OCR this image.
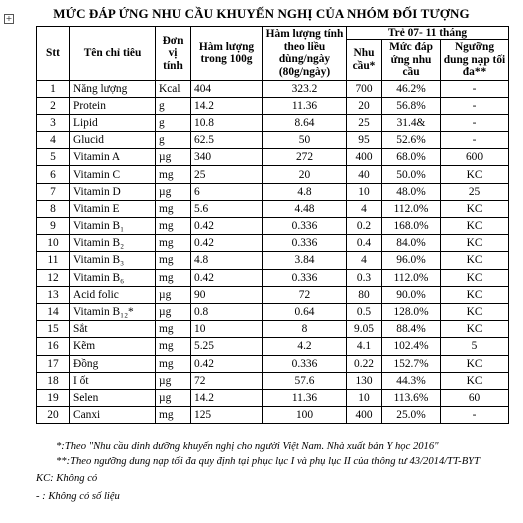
+	MỨC ĐÁP ỨNG NHU CẦU KHUYẾN NGHỊ CỦA NHÓM ĐỐI TƯỢNG
Stt	Tên chỉ tiêu	Đơn vị tính	Hàm lượng trong 100g	Hàm lượng tính theo liều dùng/ngày (80g/ngày)	Trẻ 07- 11 tháng		
					Nhu cầu*	Mức đáp ứng nhu cầu	Ngưỡng dung nạp tối đa**
1	Năng lượng	Kcal	404	323.2	700	46.2%	-
2	Protein	g	14.2	11.36	20	56.8%	-
3	Lipid	g	10.8	8.64	25	31.4&	-
4	Glucid	g	62.5	50	95	52.6%	-
5	Vitamin A	µg	340	272	400	68.0%	600
6	Vitamin C	mg	25	20	40	50.0%	KC
7	Vitamin D	µg	6	4.8	10	48.0%	25
8	Vitamin E	mg	5.6	4.48	4	112.0%	KC
9	Vitamin B₁	mg	0.42	0.336	0.2	168.0%	KC
10	Vitamin B₂	mg	0.42	0.336	0.4	84.0%	KC
11	Vitamin B₃	mg	4.8	3.84	4	96.0%	KC
12	Vitamin B₆	mg	0.42	0.336	0.3	112.0%	KC
13	Acid folic	µg	90	72	80	90.0%	KC
14	Vitamin B₁₂*	µg	0.8	0.64	0.5	128.0%	KC
15	Sắt	mg	10	8	9.05	88.4%	KC
16	Kẽm	mg	5.25	4.2	4.1	102.4%	5
17	Đồng	mg	0.42	0.336	0.22	152.7%	KC
18	I ốt	µg	72	57.6	130	44.3%	KC
19	Selen	µg	14.2	11.36	10	113.6%	60
20	Canxi	mg	125	100	400	25.0%	-
*:Theo "Nhu cầu dinh dưỡng khuyến nghị cho người Việt Nam. Nhà xuất bản Y học 2016"
**:Theo ngưỡng dung nạp tối đa quy định tại phục lục I và phụ lục II của thông tư 43/2014/TT-BYT
KC: Không có
- : Không có số liệu
